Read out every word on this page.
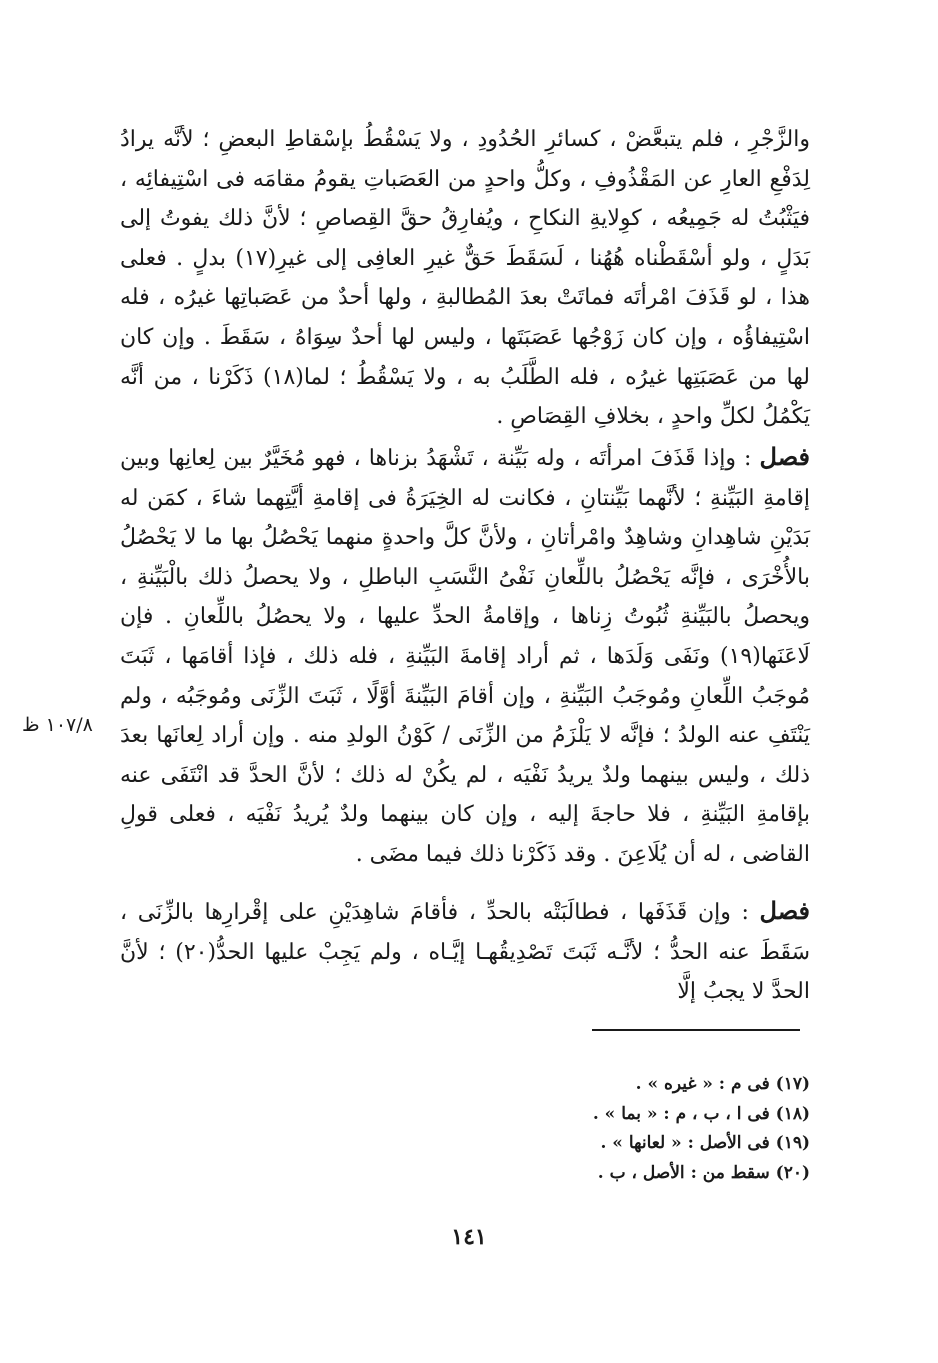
والزَّجْرِ ، فلم يتبعَّضْ ، كسائرِ الحُدُودِ ، ولا يَسْقُطُ بإسْقاطِ البعضِ ؛ لأنَّه يرادُ لِدَفْعِ العارِ عن المَقْذُوفِ ، وكلُّ واحدٍ من العَصَباتِ يقومُ مقامَه فى اسْتِيفائِه ، فيَثْبُتُ له جَمِيعُه ، كوِلايةِ النكاحِ ، ويُفارِقُ حقَّ القِصاصِ ؛ لأنَّ ذلك يفوتُ إلى بَدَلٍ ، ولو أسْقَطْناه هُهُنا ، لَسَقَطَ حَقٌّ غيرِ العافِى إلى غيرِ(١٧) بدلٍ . فعلى هذا ، لو قَذَفَ امْرأتَه فماتَتْ بعدَ المُطالبةِ ، ولها أحدٌ من عَصَباتِها غيرُه ، فله اسْتِيفاؤُه ، وإن كان زَوْجُها عَصَبَتَها ، وليس لها أحدٌ سِوَاهُ ، سَقَطَ . وإن كان لها من عَصَبَتِها غيرُه ، فله الطَّلَبُ به ، ولا يَسْقُطُ ؛ لما(١٨) ذَكَرْنا ، من أنَّه يَكْمُلُ لكلِّ واحدٍ ، بخلافِ القِصَاصِ .

فصل : وإذا قَذَفَ امرأتَه ، وله بَيِّنة ، تَشْهَدُ بزناها ، فهو مُخَيَّرٌ بين لِعانِها وبين إقامةِ البَيِّنةِ ؛ لأنَّهما بَيِّنتانِ ، فكانت له الخِيَرَةُ فى إقامةِ أيَّتِهما شاءَ ، كمَن له بَدَيْنِ شاهِدانِ وشاهِدٌ وامْرأتانِ ، ولأنَّ كلَّ واحدةٍ منهما يَحْصُلُ بها ما لا يَحْصُلُ بالأُخْرَى ، فإنَّه يَحْصُلُ باللِّعانِ نَفْىُ النَّسَبِ الباطلِ ، ولا يحصلُ ذلك بالْبَيِّنةِ ، ويحصلُ بالبَيِّنةِ ثُبُوتُ زِناها ، وإقامةُ الحدِّ عليها ، ولا يحصُلُ باللِّعانِ . فإن لَاعَنَها(١٩) ونَفَى وَلَدَها ، ثم أراد إقامةَ البَيِّنةِ ، فله ذلك ، فإذا أقامَها ، ثَبَتَ مُوجَبُ اللِّعانِ ومُوجَبُ البَيِّنةِ ، وإن أقامَ البَيِّنةَ أوَّلًا ، ثَبَتَ الزِّنَى ومُوجَبُه ، ولم يَنْتَفِ عنه الولدُ ؛ فإنَّه لا يَلْزَمُ من الزِّنَى / كَوْنُ الولدِ منه . وإن أراد لِعانَها بعدَ ذلك ، وليس بينهما ولدٌ يريدُ نَفْيَه ، لم يكُنْ له ذلك ؛ لأنَّ الحدَّ قد انْتَفَى عنه بإقامةِ البَيِّنةِ ، فلا حاجةَ إليه ، وإن كان بينهما ولدٌ يُريدُ نَفْيَه ، فعلى قولِ القاضى ، له أن يُلَاعِنَ . وقد ذَكَرْنا ذلك فيما مضَى .

فصل : وإن قَذَفَها ، فطالَبَتْه بالحدِّ ، فأقامَ شاهِدَيْنِ على إقْرارِها بالزِّنَى ، سَقَطَ عنه الحدُّ ؛ لأنَّـه ثَبَتَ تَصْدِيقُهـا إيَّـاه ، ولم يَجِبْ عليها الحدُّ(٢٠) ؛ لأنَّ الحدَّ لا يجبُ إلَّا

١٠٧/٨ ظ
(١٧) فى م : « غيره » .
(١٨) فى ا ، ب ، م : « بما » .
(١٩) فى الأصل : « لعانها » .
(٢٠) سقط من : الأصل ، ب .
١٤١
